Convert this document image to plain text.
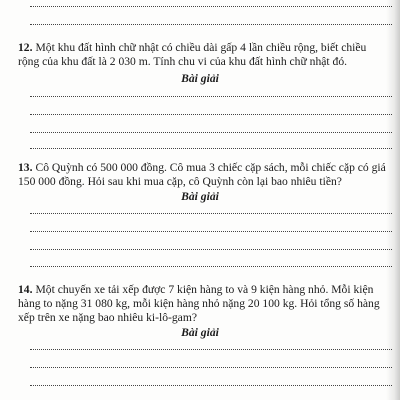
12. Một khu đất hình chữ nhật có chiều dài gấp 4 lần chiều rộng, biết chiều rộng của khu đất là 2 030 m. Tính chu vi của khu đất hình chữ nhật đó.
Bài giải
13. Cô Quỳnh có 500 000 đồng. Cô mua 3 chiếc cặp sách, mỗi chiếc cặp có giá 150 000 đồng. Hỏi sau khi mua cặp, cô Quỳnh còn lại bao nhiêu tiền?
Bài giải
14. Một chuyến xe tải xếp được 7 kiện hàng to và 9 kiện hàng nhỏ. Mỗi kiện hàng to nặng 31 080 kg, mỗi kiện hàng nhỏ nặng 20 100 kg. Hỏi tổng số hàng xếp trên xe nặng bao nhiêu ki-lô-gam?
Bài giải
